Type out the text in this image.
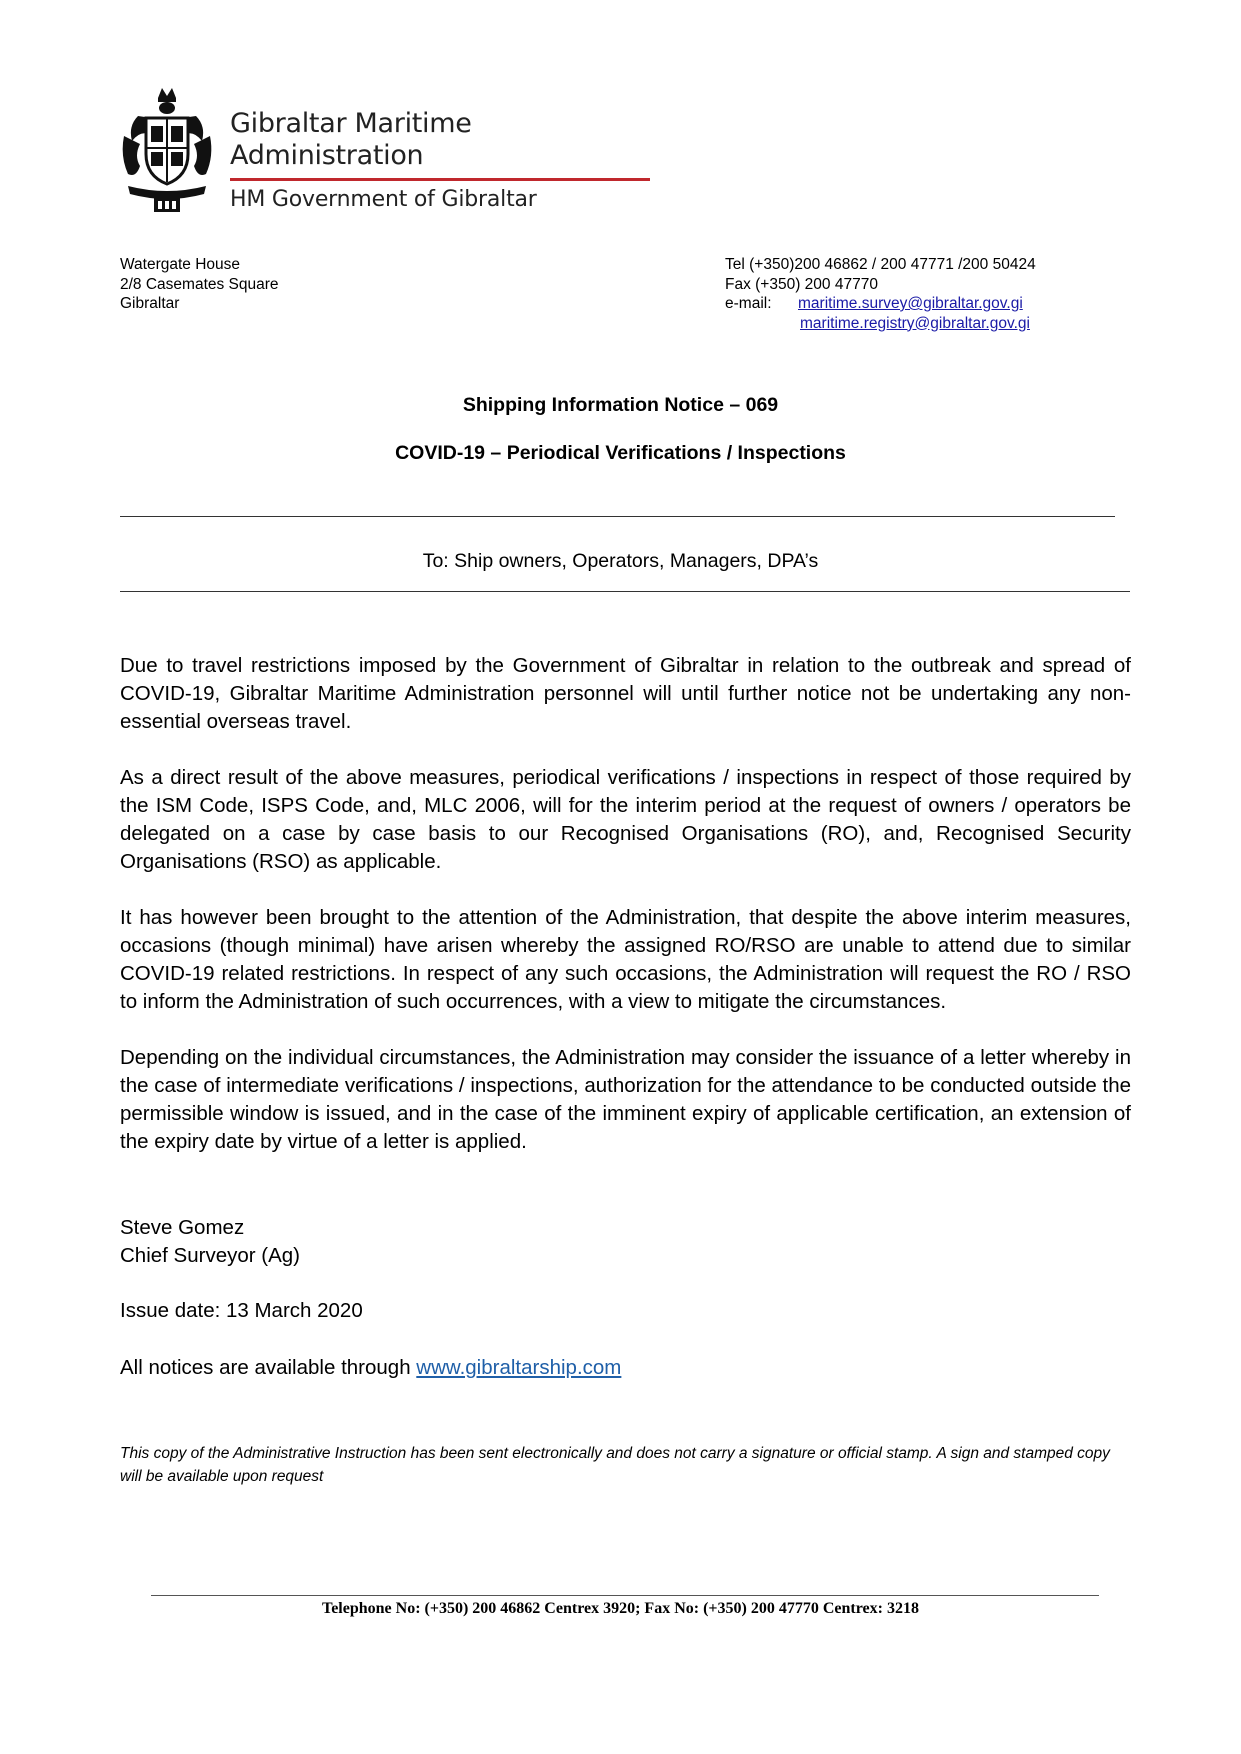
Gibraltar Maritime
Administration
HM Government of Gibraltar
Watergate House
2/8 Casemates Square
Gibraltar
Tel (+350)200 46862 / 200 47771 /200 50424
Fax (+350) 200 47770
e-mail: maritime.survey@gibraltar.gov.gi
maritime.registry@gibraltar.gov.gi
Shipping Information Notice – 069
COVID-19 – Periodical Verifications / Inspections
To: Ship owners, Operators, Managers, DPA’s

Due to travel restrictions imposed by the Government of Gibraltar in relation to the outbreak and spread of COVID-19, Gibraltar Maritime Administration personnel will until further notice not be undertaking any non-essential overseas travel.

As a direct result of the above measures, periodical verifications / inspections in respect of those required by the ISM Code, ISPS Code, and, MLC 2006, will for the interim period at the request of owners / operators be delegated on a case by case basis to our Recognised Organisations (RO), and, Recognised Security Organisations (RSO) as applicable.

It has however been brought to the attention of the Administration, that despite the above interim measures, occasions (though minimal) have arisen whereby the assigned RO/RSO are unable to attend due to similar COVID-19 related restrictions. In respect of any such occasions, the Administration will request the RO / RSO to inform the Administration of such occurrences, with a view to mitigate the circumstances.

Depending on the individual circumstances, the Administration may consider the issuance of a letter whereby in the case of intermediate verifications / inspections, authorization for the attendance to be conducted outside the permissible window is issued, and in the case of the imminent expiry of applicable certification, an extension of the expiry date by virtue of a letter is applied.

Steve Gomez
Chief Surveyor (Ag)
Issue date: 13 March 2020
All notices are available through www.gibraltarship.com
This copy of the Administrative Instruction has been sent electronically and does not carry a signature or official stamp. A sign and stamped copy will be available upon request
Telephone No: (+350) 200 46862 Centrex 3920; Fax No: (+350) 200 47770 Centrex: 3218
